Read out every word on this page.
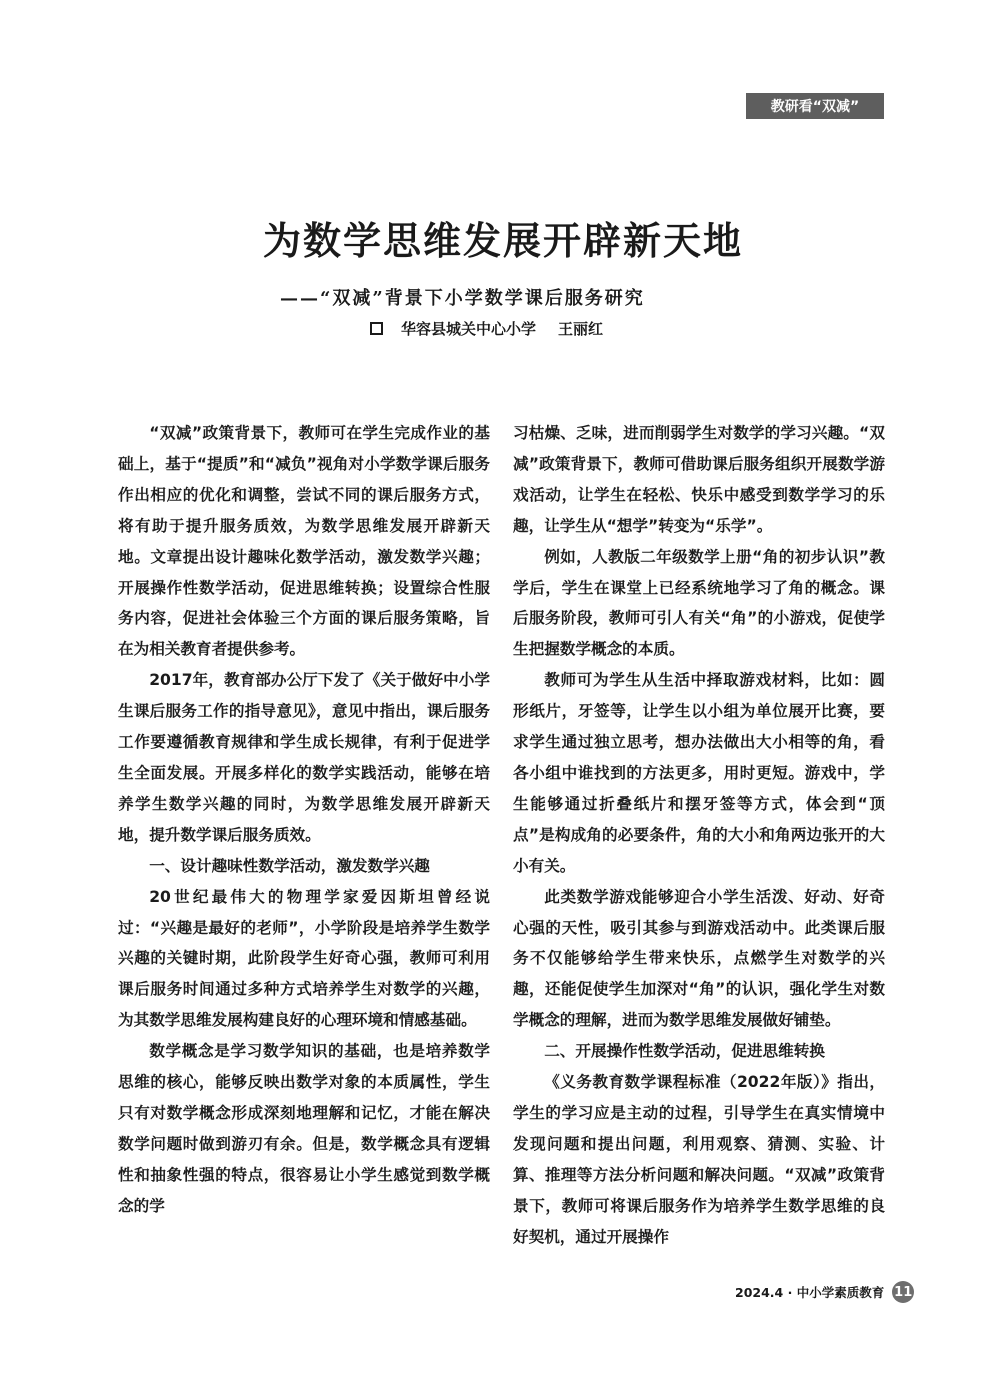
教研看“双减”
为数学思维发展开辟新天地
——“双减”背景下小学数学课后服务研究
华容县城关中心小学 王丽红

“双减”政策背景下，教师可在学生完成作业的基础上，基于“提质”和“减负”视角对小学数学课后服务作出相应的优化和调整，尝试不同的课后服务方式，将有助于提升服务质效，为数学思维发展开辟新天地。文章提出设计趣味化数学活动，激发数学兴趣；开展操作性数学活动，促进思维转换；设置综合性服务内容，促进社会体验三个方面的课后服务策略，旨在为相关教育者提供参考。

2017年，教育部办公厅下发了《关于做好中小学生课后服务工作的指导意见》，意见中指出，课后服务工作要遵循教育规律和学生成长规律，有利于促进学生全面发展。开展多样化的数学实践活动，能够在培养学生数学兴趣的同时，为数学思维发展开辟新天地，提升数学课后服务质效。

一、设计趣味性数学活动，激发数学兴趣

20世纪最伟大的物理学家爱因斯坦曾经说过：“兴趣是最好的老师”，小学阶段是培养学生数学兴趣的关键时期，此阶段学生好奇心强，教师可利用课后服务时间通过多种方式培养学生对数学的兴趣，为其数学思维发展构建良好的心理环境和情感基础。

数学概念是学习数学知识的基础，也是培养数学思维的核心，能够反映出数学对象的本质属性，学生只有对数学概念形成深刻地理解和记忆，才能在解决数学问题时做到游刃有余。但是，数学概念具有逻辑性和抽象性强的特点，很容易让小学生感觉到数学概念的学

习枯燥、乏味，进而削弱学生对数学的学习兴趣。“双减”政策背景下，教师可借助课后服务组织开展数学游戏活动，让学生在轻松、快乐中感受到数学学习的乐趣，让学生从“想学”转变为“乐学”。

例如，人教版二年级数学上册“角的初步认识”教学后，学生在课堂上已经系统地学习了角的概念。课后服务阶段，教师可引人有关“角”的小游戏，促使学生把握数学概念的本质。

教师可为学生从生活中择取游戏材料，比如：圆形纸片，牙签等，让学生以小组为单位展开比赛，要求学生通过独立思考，想办法做出大小相等的角，看各小组中谁找到的方法更多，用时更短。游戏中，学生能够通过折叠纸片和摆牙签等方式，体会到“顶点”是构成角的必要条件，角的大小和角两边张开的大小有关。

此类数学游戏能够迎合小学生活泼、好动、好奇心强的天性，吸引其参与到游戏活动中。此类课后服务不仅能够给学生带来快乐，点燃学生对数学的兴趣，还能促使学生加深对“角”的认识，强化学生对数学概念的理解，进而为数学思维发展做好铺垫。

二、开展操作性数学活动，促进思维转换

《义务教育数学课程标准（2022年版）》指出，学生的学习应是主动的过程，引导学生在真实情境中发现问题和提出问题，利用观察、猜测、实验、计算、推理等方法分析问题和解决问题。“双减”政策背景下，教师可将课后服务作为培养学生数学思维的良好契机，通过开展操作

2024.4 · 中小学素质教育 11
